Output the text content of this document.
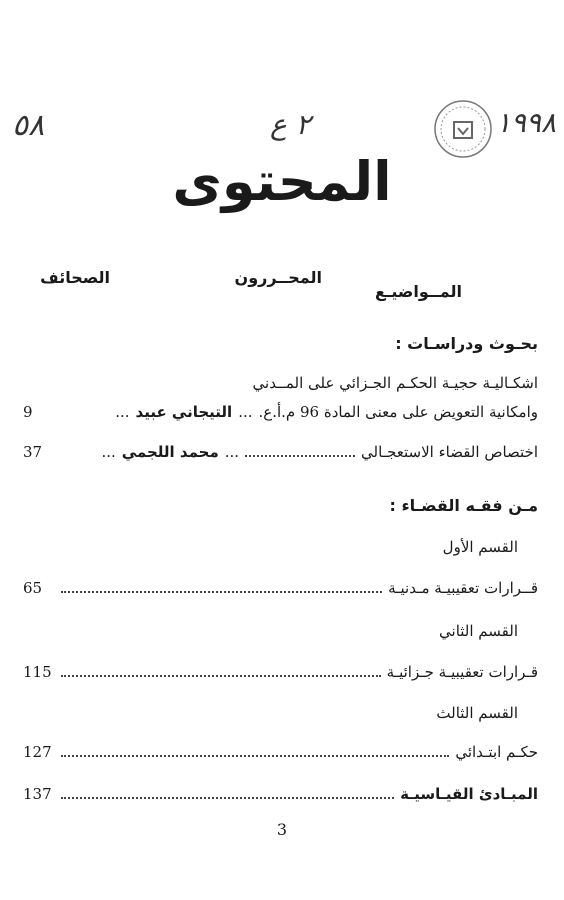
٥٨	٢ ع	١٩٩٨
المحتوى
المــواضيـع
المحــررون
الصحائف
بحـوث ودراسـات :
اشكـاليـة حجيـة الحكـم الجـزائي على المــدني
وامكانية التعويض على معنى المادة 96 م.أ.ع.
...
التيجاني عبيد
...
9
اختصاص القضاء الاستعجـالي
...
محمد اللجمي
...
37
مـن فقـه القضـاء :
القسم الأول
قــرارات تعقيبيـة مـدنيـة
65
القسم الثاني
قـرارات تعقيبيـة جـزائيـة
115
القسم الثالث
حكـم ابتـدائي
127
المبـادئ القيـاسيـة
137
3
